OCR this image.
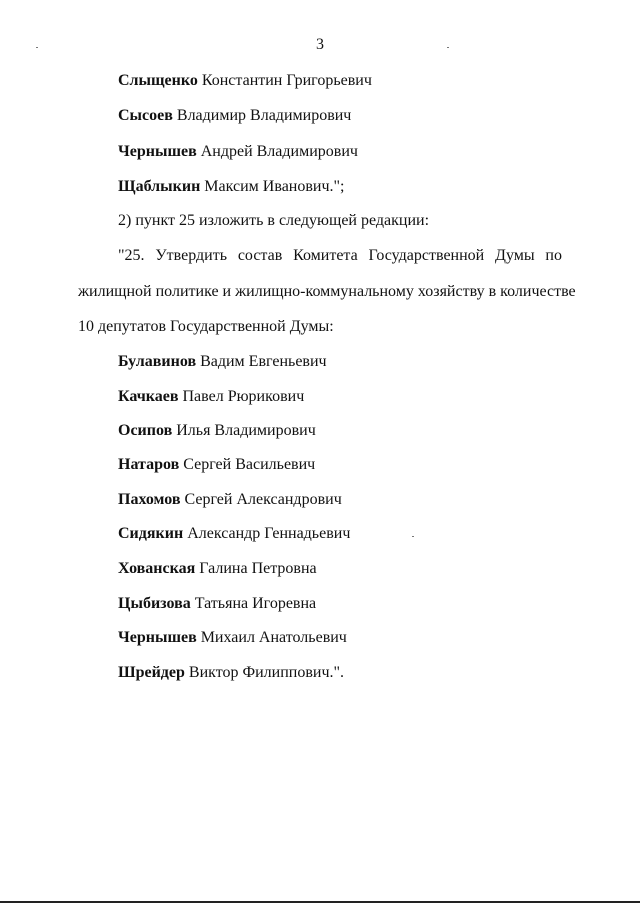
3
Слыщенко Константин Григорьевич
Сысоев Владимир Владимирович
Чернышев Андрей Владимирович
Щаблыкин Максим Иванович.";
2) пункт 25 изложить в следующей редакции:
"25. Утвердить состав Комитета Государственной Думы по
жилищной политике и жилищно-коммунальному хозяйству в количестве
10 депутатов Государственной Думы:
Булавинов Вадим Евгеньевич
Качкаев Павел Рюрикович
Осипов Илья Владимирович
Натаров Сергей Васильевич
Пахомов Сергей Александрович
Сидякин Александр Геннадьевич
Хованская Галина Петровна
Цыбизова Татьяна Игоревна
Чернышев Михаил Анатольевич
Шрейдер Виктор Филиппович.".
